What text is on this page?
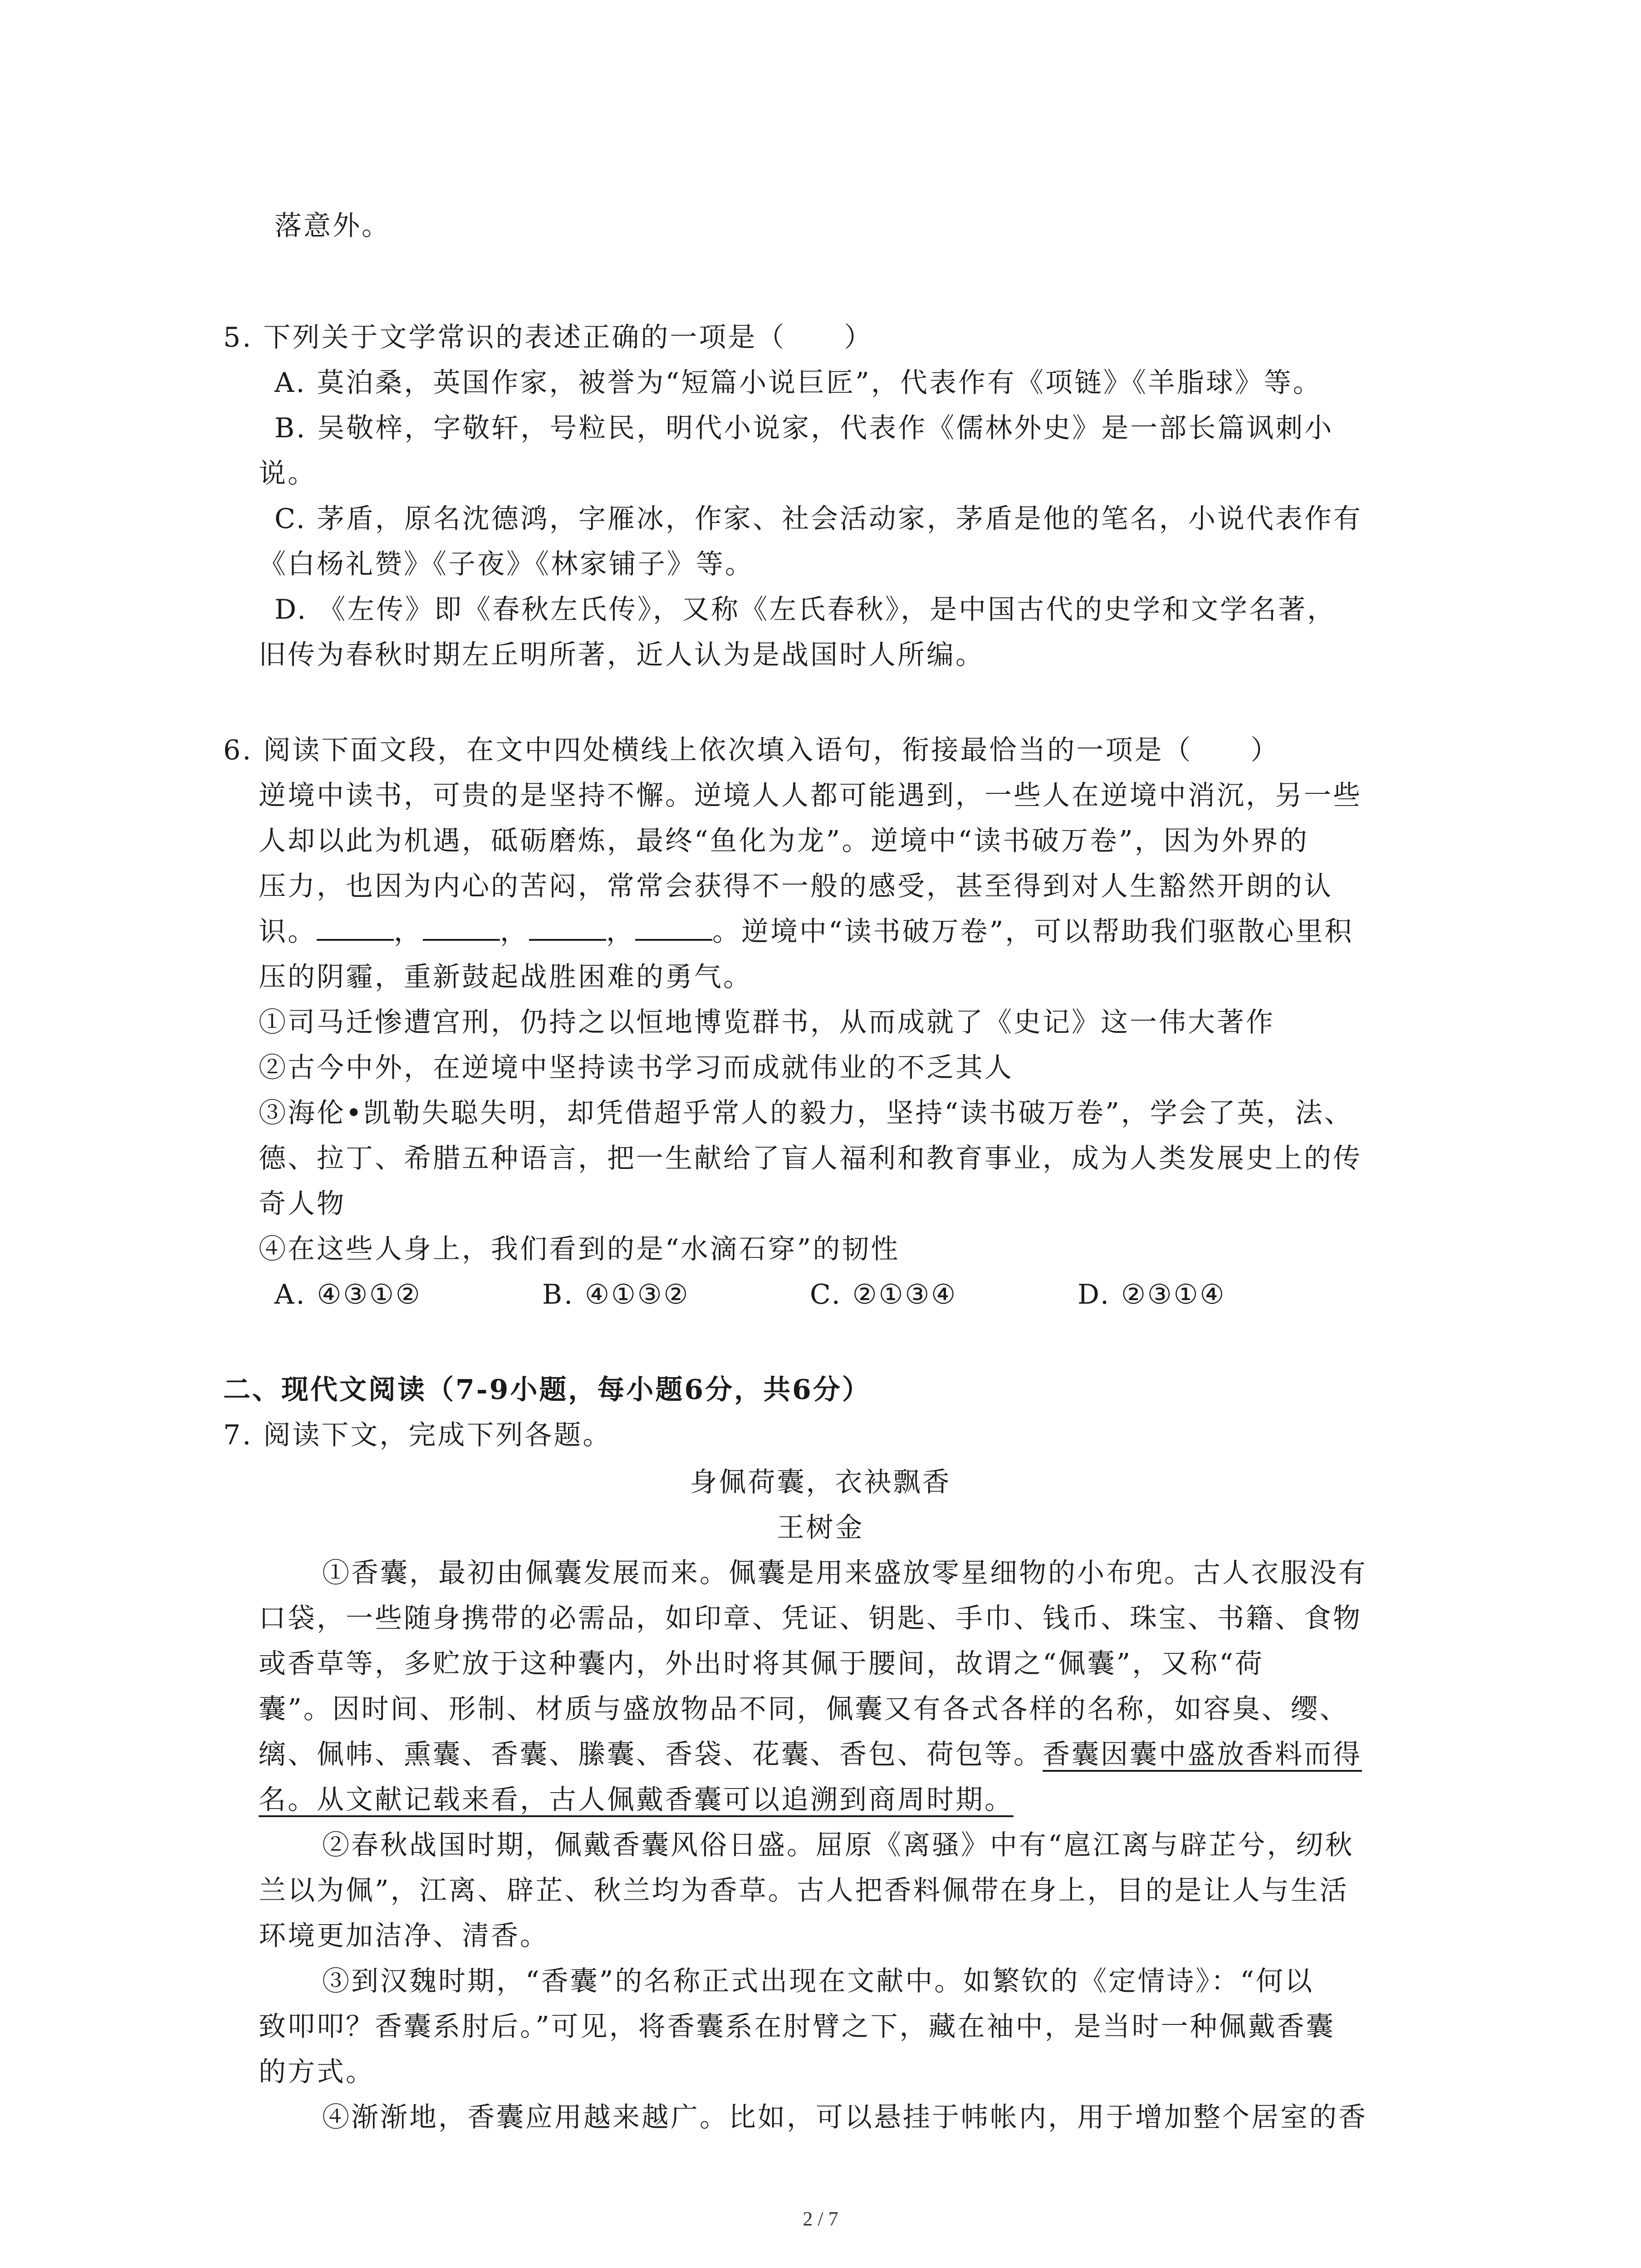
落意外。
5. 下列关于文学常识的表述正确的一项是（　　）
A. 莫泊桑，英国作家，被誉为“短篇小说巨匠”，代表作有《项链》《羊脂球》等。
B. 吴敬梓，字敬轩，号粒民，明代小说家，代表作《儒林外史》是一部长篇讽刺小
说。
C. 茅盾，原名沈德鸿，字雁冰，作家、社会活动家，茅盾是他的笔名，小说代表作有
《白杨礼赞》《子夜》《林家铺子》等。
D. 《左传》即《春秋左氏传》，又称《左氏春秋》，是中国古代的史学和文学名著，
旧传为春秋时期左丘明所著，近人认为是战国时人所编。
6. 阅读下面文段，在文中四处横线上依次填入语句，衔接最恰当的一项是（　　）
逆境中读书，可贵的是坚持不懈。逆境人人都可能遇到，一些人在逆境中消沉，另一些
人却以此为机遇，砥砺磨炼，最终“鱼化为龙”。逆境中“读书破万卷”，因为外界的
压力，也因为内心的苦闷，常常会获得不一般的感受，甚至得到对人生豁然开朗的认
识。	，	，	，	。逆境中“读书破万卷”，可以帮助我们驱散心里积
压的阴霾，重新鼓起战胜困难的勇气。
①司马迁惨遭宫刑，仍持之以恒地博览群书，从而成就了《史记》这一伟大著作
②古今中外，在逆境中坚持读书学习而成就伟业的不乏其人
③海伦•凯勒失聪失明，却凭借超乎常人的毅力，坚持“读书破万卷”，学会了英，法、
德、拉丁、希腊五种语言，把一生献给了盲人福利和教育事业，成为人类发展史上的传
奇人物
④在这些人身上，我们看到的是“水滴石穿”的韧性
A. ④③①②	B. ④①③②	C. ②①③④	D. ②③①④
二、现代文阅读（7-9小题，每小题6分，共6分）
7. 阅读下文，完成下列各题。
身佩荷囊，衣袂飘香
王树金
①香囊，最初由佩囊发展而来。佩囊是用来盛放零星细物的小布兜。古人衣服没有
口袋，一些随身携带的必需品，如印章、凭证、钥匙、手巾、钱币、珠宝、书籍、食物
或香草等，多贮放于这种囊内，外出时将其佩于腰间，故谓之“佩囊”，又称“荷
囊”。因时间、形制、材质与盛放物品不同，佩囊又有各式各样的名称，如容臭、缨、
缡、佩帏、熏囊、香囊、縢囊、香袋、花囊、香包、荷包等。香囊因囊中盛放香料而得
名。从文献记载来看，古人佩戴香囊可以追溯到商周时期。
②春秋战国时期，佩戴香囊风俗日盛。屈原《离骚》中有“扈江离与辟芷兮，纫秋
兰以为佩”，江离、辟芷、秋兰均为香草。古人把香料佩带在身上，目的是让人与生活
环境更加洁净、清香。
③到汉魏时期，“香囊”的名称正式出现在文献中。如繁钦的《定情诗》：“何以
致叩叩？香囊系肘后。”可见，将香囊系在肘臂之下，藏在袖中，是当时一种佩戴香囊
的方式。
④渐渐地，香囊应用越来越广。比如，可以悬挂于帏帐内，用于增加整个居室的香
2 / 7
